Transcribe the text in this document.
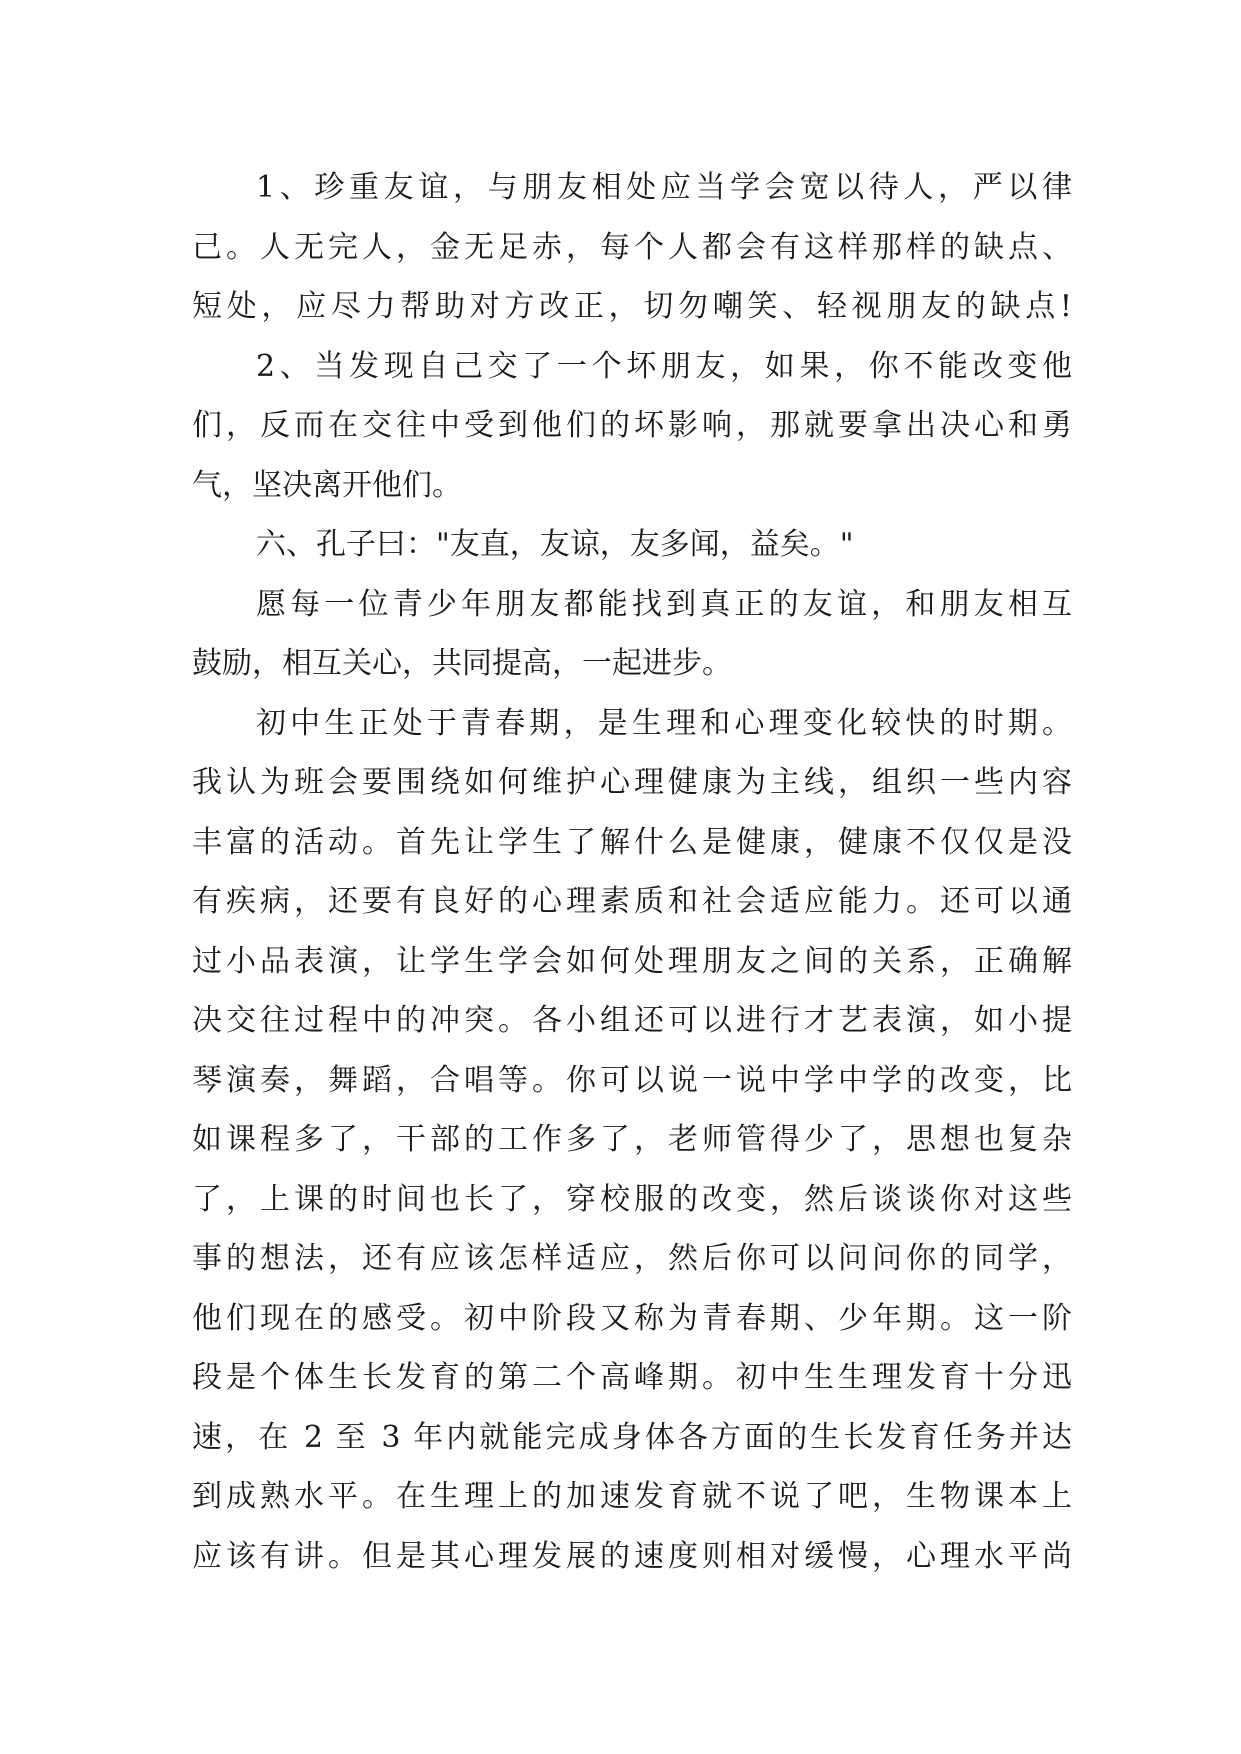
1、珍重友谊，与朋友相处应当学会宽以待人，严以律
己。人无完人，金无足赤，每个人都会有这样那样的缺点、
短处，应尽力帮助对方改正，切勿嘲笑、轻视朋友的缺点!
2、当发现自己交了一个坏朋友，如果，你不能改变他
们，反而在交往中受到他们的坏影响，那就要拿出决心和勇
气，坚决离开他们。
六、孔子曰："友直，友谅，友多闻，益矣。"
愿每一位青少年朋友都能找到真正的友谊，和朋友相互
鼓励，相互关心，共同提高，一起进步。
初中生正处于青春期，是生理和心理变化较快的时期。
我认为班会要围绕如何维护心理健康为主线，组织一些内容
丰富的活动。首先让学生了解什么是健康，健康不仅仅是没
有疾病，还要有良好的心理素质和社会适应能力。还可以通
过小品表演，让学生学会如何处理朋友之间的关系，正确解
决交往过程中的冲突。各小组还可以进行才艺表演，如小提
琴演奏，舞蹈，合唱等。你可以说一说中学中学的改变，比
如课程多了，干部的工作多了，老师管得少了，思想也复杂
了，上课的时间也长了，穿校服的改变，然后谈谈你对这些
事的想法，还有应该怎样适应，然后你可以问问你的同学，
他们现在的感受。初中阶段又称为青春期、少年期。这一阶
段是个体生长发育的第二个高峰期。初中生生理发育十分迅
速，在 2 至 3 年内就能完成身体各方面的生长发育任务并达
到成熟水平。在生理上的加速发育就不说了吧，生物课本上
应该有讲。但是其心理发展的速度则相对缓慢，心理水平尚
